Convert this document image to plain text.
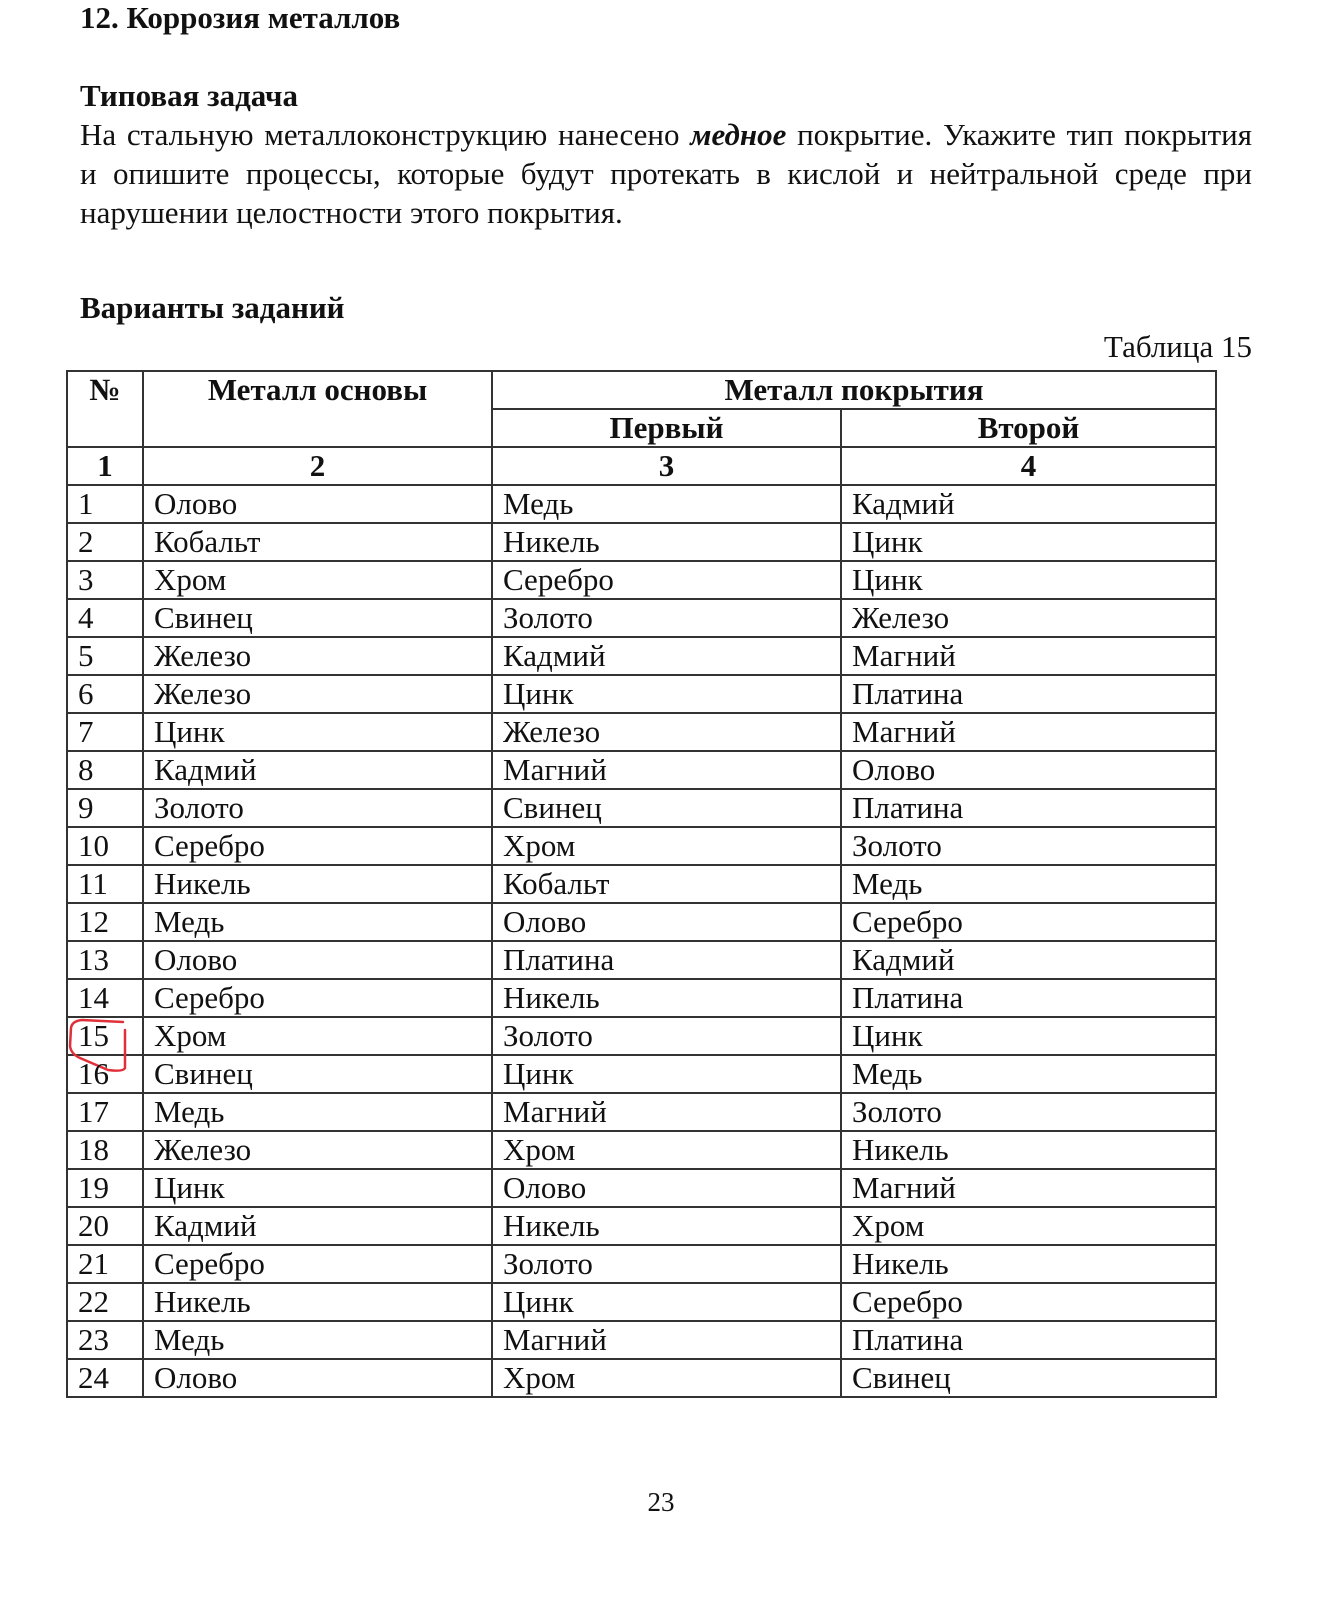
12. Коррозия металлов
Типовая задача
На стальную металлоконструкцию нанесено медное покрытие. Укажите тип покрытия и опишите процессы, которые будут протекать в кислой и нейтральной среде при нарушении целостности этого покрытия.
Варианты заданий
Таблица 15
№	Металл основы	Металл покрытия	
		Первый	Второй
1	2	3	4
1	Олово	Медь	Кадмий
2	Кобальт	Никель	Цинк
3	Хром	Серебро	Цинк
4	Свинец	Золото	Железо
5	Железо	Кадмий	Магний
6	Железо	Цинк	Платина
7	Цинк	Железо	Магний
8	Кадмий	Магний	Олово
9	Золото	Свинец	Платина
10	Серебро	Хром	Золото
11	Никель	Кобальт	Медь
12	Медь	Олово	Серебро
13	Олово	Платина	Кадмий
14	Серебро	Никель	Платина
15	Хром	Золото	Цинк
16	Свинец	Цинк	Медь
17	Медь	Магний	Золото
18	Железо	Хром	Никель
19	Цинк	Олово	Магний
20	Кадмий	Никель	Хром
21	Серебро	Золото	Никель
22	Никель	Цинк	Серебро
23	Медь	Магний	Платина
24	Олово	Хром	Свинец
23
